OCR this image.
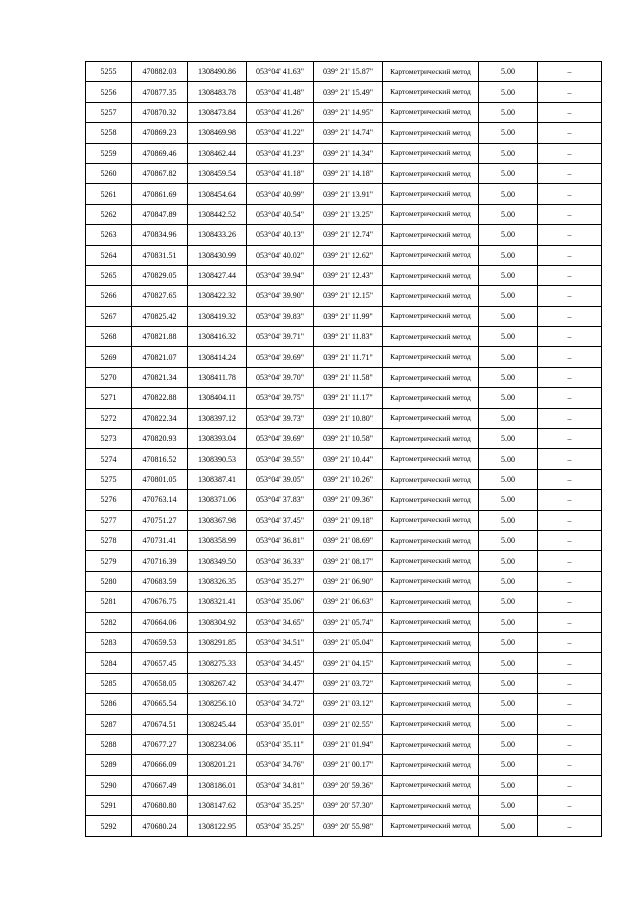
5255	470882.03	1308490.86	053°04' 41.63"	039° 21' 15.87"	Картометрический метод	5.00	–
5256	470877.35	1308483.78	053°04' 41.48"	039° 21' 15.49"	Картометрический метод	5.00	–
5257	470870.32	1308473.84	053°04' 41.26"	039° 21' 14.95"	Картометрический метод	5.00	–
5258	470869.23	1308469.98	053°04' 41.22"	039° 21' 14.74"	Картометрический метод	5.00	–
5259	470869.46	1308462.44	053°04' 41.23"	039° 21' 14.34"	Картометрический метод	5.00	–
5260	470867.82	1308459.54	053°04' 41.18"	039° 21' 14.18"	Картометрический метод	5.00	–
5261	470861.69	1308454.64	053°04' 40.99"	039° 21' 13.91"	Картометрический метод	5.00	–
5262	470847.89	1308442.52	053°04' 40.54"	039° 21' 13.25"	Картометрический метод	5.00	–
5263	470834.96	1308433.26	053°04' 40.13"	039° 21' 12.74"	Картометрический метод	5.00	–
5264	470831.51	1308430.99	053°04' 40.02"	039° 21' 12.62"	Картометрический метод	5.00	–
5265	470829.05	1308427.44	053°04' 39.94"	039° 21' 12.43"	Картометрический метод	5.00	–
5266	470827.65	1308422.32	053°04' 39.90"	039° 21' 12.15"	Картометрический метод	5.00	–
5267	470825.42	1308419.32	053°04' 39.83"	039° 21' 11.99"	Картометрический метод	5.00	–
5268	470821.88	1308416.32	053°04' 39.71"	039° 21' 11.83"	Картометрический метод	5.00	–
5269	470821.07	1308414.24	053°04' 39.69"	039° 21' 11.71"	Картометрический метод	5.00	–
5270	470821.34	1308411.78	053°04' 39.70"	039° 21' 11.58"	Картометрический метод	5.00	–
5271	470822.88	1308404.11	053°04' 39.75"	039° 21' 11.17"	Картометрический метод	5.00	–
5272	470822.34	1308397.12	053°04' 39.73"	039° 21' 10.80"	Картометрический метод	5.00	–
5273	470820.93	1308393.04	053°04' 39.69"	039° 21' 10.58"	Картометрический метод	5.00	–
5274	470816.52	1308390.53	053°04' 39.55"	039° 21' 10.44"	Картометрический метод	5.00	–
5275	470801.05	1308387.41	053°04' 39.05"	039° 21' 10.26"	Картометрический метод	5.00	–
5276	470763.14	1308371.06	053°04' 37.83"	039° 21' 09.36"	Картометрический метод	5.00	–
5277	470751.27	1308367.98	053°04' 37.45"	039° 21' 09.18"	Картометрический метод	5.00	–
5278	470731.41	1308358.99	053°04' 36.81"	039° 21' 08.69"	Картометрический метод	5.00	–
5279	470716.39	1308349.50	053°04' 36.33"	039° 21' 08.17"	Картометрический метод	5.00	–
5280	470683.59	1308326.35	053°04' 35.27"	039° 21' 06.90"	Картометрический метод	5.00	–
5281	470676.75	1308321.41	053°04' 35.06"	039° 21' 06.63"	Картометрический метод	5.00	–
5282	470664.06	1308304.92	053°04' 34.65"	039° 21' 05.74"	Картометрический метод	5.00	–
5283	470659.53	1308291.85	053°04' 34.51"	039° 21' 05.04"	Картометрический метод	5.00	–
5284	470657.45	1308275.33	053°04' 34.45"	039° 21' 04.15"	Картометрический метод	5.00	–
5285	470658.05	1308267.42	053°04' 34.47"	039° 21' 03.72"	Картометрический метод	5.00	–
5286	470665.54	1308256.10	053°04' 34.72"	039° 21' 03.12"	Картометрический метод	5.00	–
5287	470674.51	1308245.44	053°04' 35.01"	039° 21' 02.55"	Картометрический метод	5.00	–
5288	470677.27	1308234.06	053°04' 35.11"	039° 21' 01.94"	Картометрический метод	5.00	–
5289	470666.09	1308201.21	053°04' 34.76"	039° 21' 00.17"	Картометрический метод	5.00	–
5290	470667.49	1308186.01	053°04' 34.81"	039° 20' 59.36"	Картометрический метод	5.00	–
5291	470680.80	1308147.62	053°04' 35.25"	039° 20' 57.30"	Картометрический метод	5.00	–
5292	470680.24	1308122.95	053°04' 35.25"	039° 20' 55.98"	Картометрический метод	5.00	–
